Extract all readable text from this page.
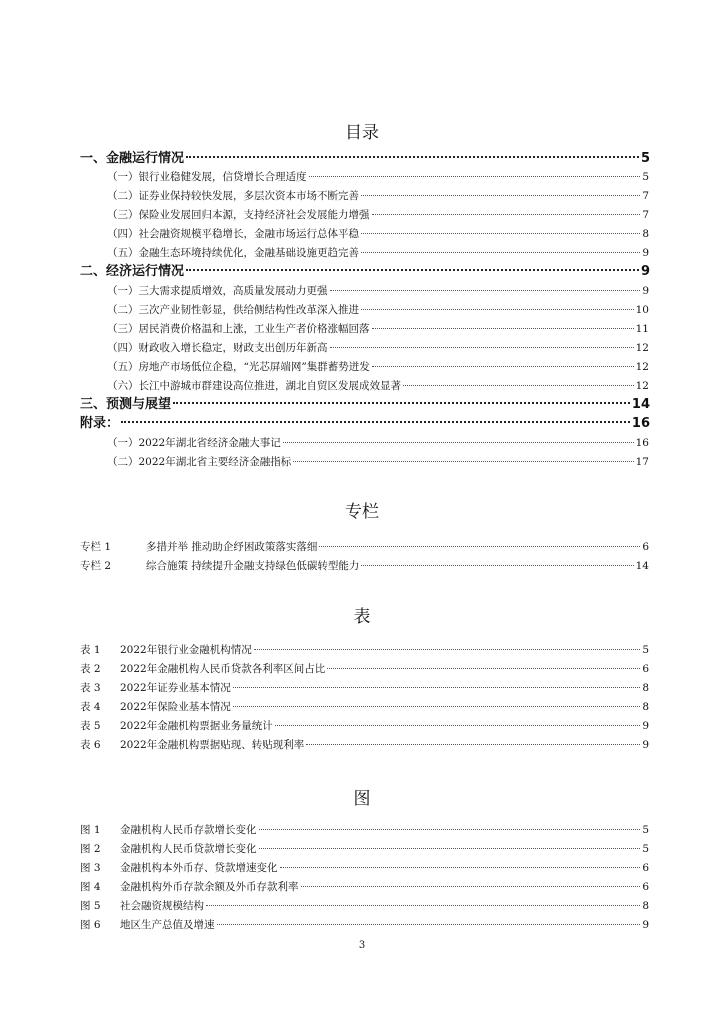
目录
一、金融运行情况	5
（一）银行业稳健发展，信贷增长合理适度	5
（二）证券业保持较快发展，多层次资本市场不断完善	7
（三）保险业发展回归本源，支持经济社会发展能力增强	7
（四）社会融资规模平稳增长，金融市场运行总体平稳	8
（五）金融生态环境持续优化，金融基础设施更趋完善	9
二、经济运行情况	9
（一）三大需求提质增效，高质量发展动力更强	9
（二）三次产业韧性彰显，供给侧结构性改革深入推进	10
（三）居民消费价格温和上涨，工业生产者价格涨幅回落	11
（四）财政收入增长稳定，财政支出创历年新高	12
（五）房地产市场低位企稳，“光芯屏端网”集群蓄势迸发	12
（六）长江中游城市群建设高位推进，湖北自贸区发展成效显著	12
三、预测与展望	14
附录：	16
（一）2022年湖北省经济金融大事记	16
（二）2022年湖北省主要经济金融指标	17
专栏
专栏 1	多措并举 推动助企纾困政策落实落细	6
专栏 2	综合施策 持续提升金融支持绿色低碳转型能力	14
表
表 1	2022年银行业金融机构情况	5
表 2	2022年金融机构人民币贷款各利率区间占比	6
表 3	2022年证券业基本情况	8
表 4	2022年保险业基本情况	8
表 5	2022年金融机构票据业务量统计	9
表 6	2022年金融机构票据贴现、转贴现利率	9
图
图 1	金融机构人民币存款增长变化	5
图 2	金融机构人民币贷款增长变化	5
图 3	金融机构本外币存、贷款增速变化	6
图 4	金融机构外币存款余额及外币存款利率	6
图 5	社会融资规模结构	8
图 6	地区生产总值及增速	9
3
